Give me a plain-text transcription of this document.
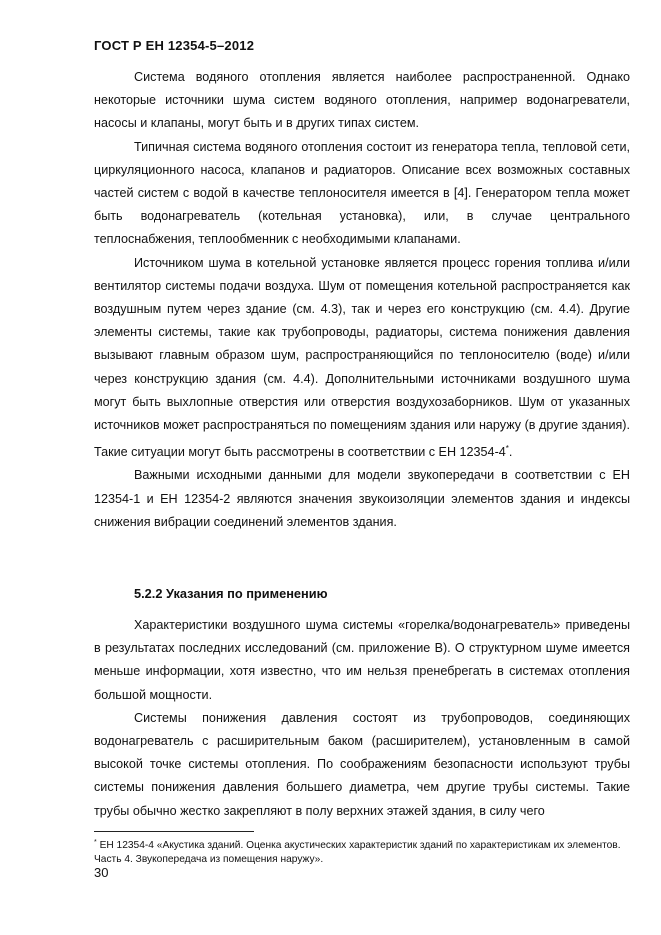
ГОСТ Р ЕН 12354-5–2012

Система водяного отопления является наиболее распространенной. Однако некоторые источники шума систем водяного отопления, например водонагреватели, насосы и клапаны, могут быть и в других типах систем.

Типичная система водяного отопления состоит из генератора тепла, тепловой сети, циркуляционного насоса, клапанов и радиаторов. Описание всех возможных составных частей систем с водой в качестве теплоносителя имеется в [4]. Генератором тепла может быть водонагреватель (котельная установка), или, в случае центрального теплоснабжения, теплообменник с необходимыми клапанами.

Источником шума в котельной установке является процесс горения топлива и/или вентилятор системы подачи воздуха. Шум от помещения котельной распространяется как воздушным путем через здание (см. 4.3), так и через его конструкцию (см. 4.4). Другие элементы системы, такие как трубопроводы, радиаторы, система понижения давления вызывают главным образом шум, распространяющийся по теплоносителю (воде) и/или через конструкцию здания (см. 4.4). Дополнительными источниками воздушного шума могут быть выхлопные отверстия или отверстия воздухозаборников. Шум от указанных источников может распространяться по помещениям здания или наружу (в другие здания). Такие ситуации могут быть рассмотрены в соответствии с ЕН 12354-4*.

Важными исходными данными для модели звукопередачи в соответствии с ЕН 12354-1 и ЕН 12354-2 являются значения звукоизоляции элементов здания и индексы снижения вибрации соединений элементов здания.

5.2.2 Указания по применению

Характеристики воздушного шума системы «горелка/водонагреватель» приведены в результатах последних исследований (см. приложение В). О структурном шуме имеется меньше информации, хотя известно, что им нельзя пренебрегать в системах отопления большой мощности.

Системы понижения давления состоят из трубопроводов, соединяющих водонагреватель с расширительным баком (расширителем), установленным в самой высокой точке системы отопления. По соображениям безопасности используют трубы системы понижения давления большего диаметра, чем другие трубы системы. Такие трубы обычно жестко закрепляют в полу верхних этажей здания, в силу чего

* ЕН 12354-4 «Акустика зданий. Оценка акустических характеристик зданий по характеристикам их элементов. Часть 4. Звукопередача из помещения наружу».
30
